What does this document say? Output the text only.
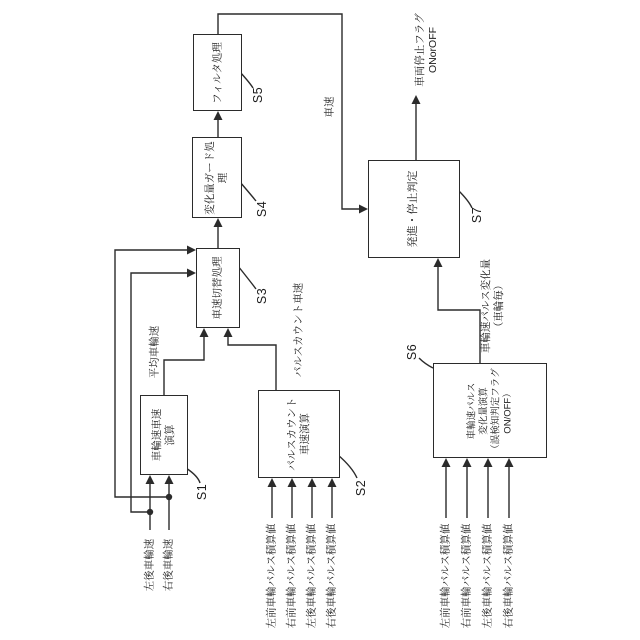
車輪速車速
演算	パルスカウント
車速演算
車速切替処理
変化量ガード処
理
フィルタ処理
車輪速パルス
変化量演算
（誤検知判定フラグ
ON/OFF）
発進・停止判定
S1	S2
S3
S4
S5
S6
S7
平均車輪速	パルスカウント車速
車速
車輪速パルス変化量
（車輪毎）
車両停止フラグ
ONorOFF
左後車輪速 右後車輪速	左前車輪パルス積算値 右前車輪パルス積算値 左後車輪パルス積算値 右後車輪パルス積算値	左前車輪パルス積算値 右前車輪パルス積算値 左後車輪パルス積算値 右後車輪パルス積算値
